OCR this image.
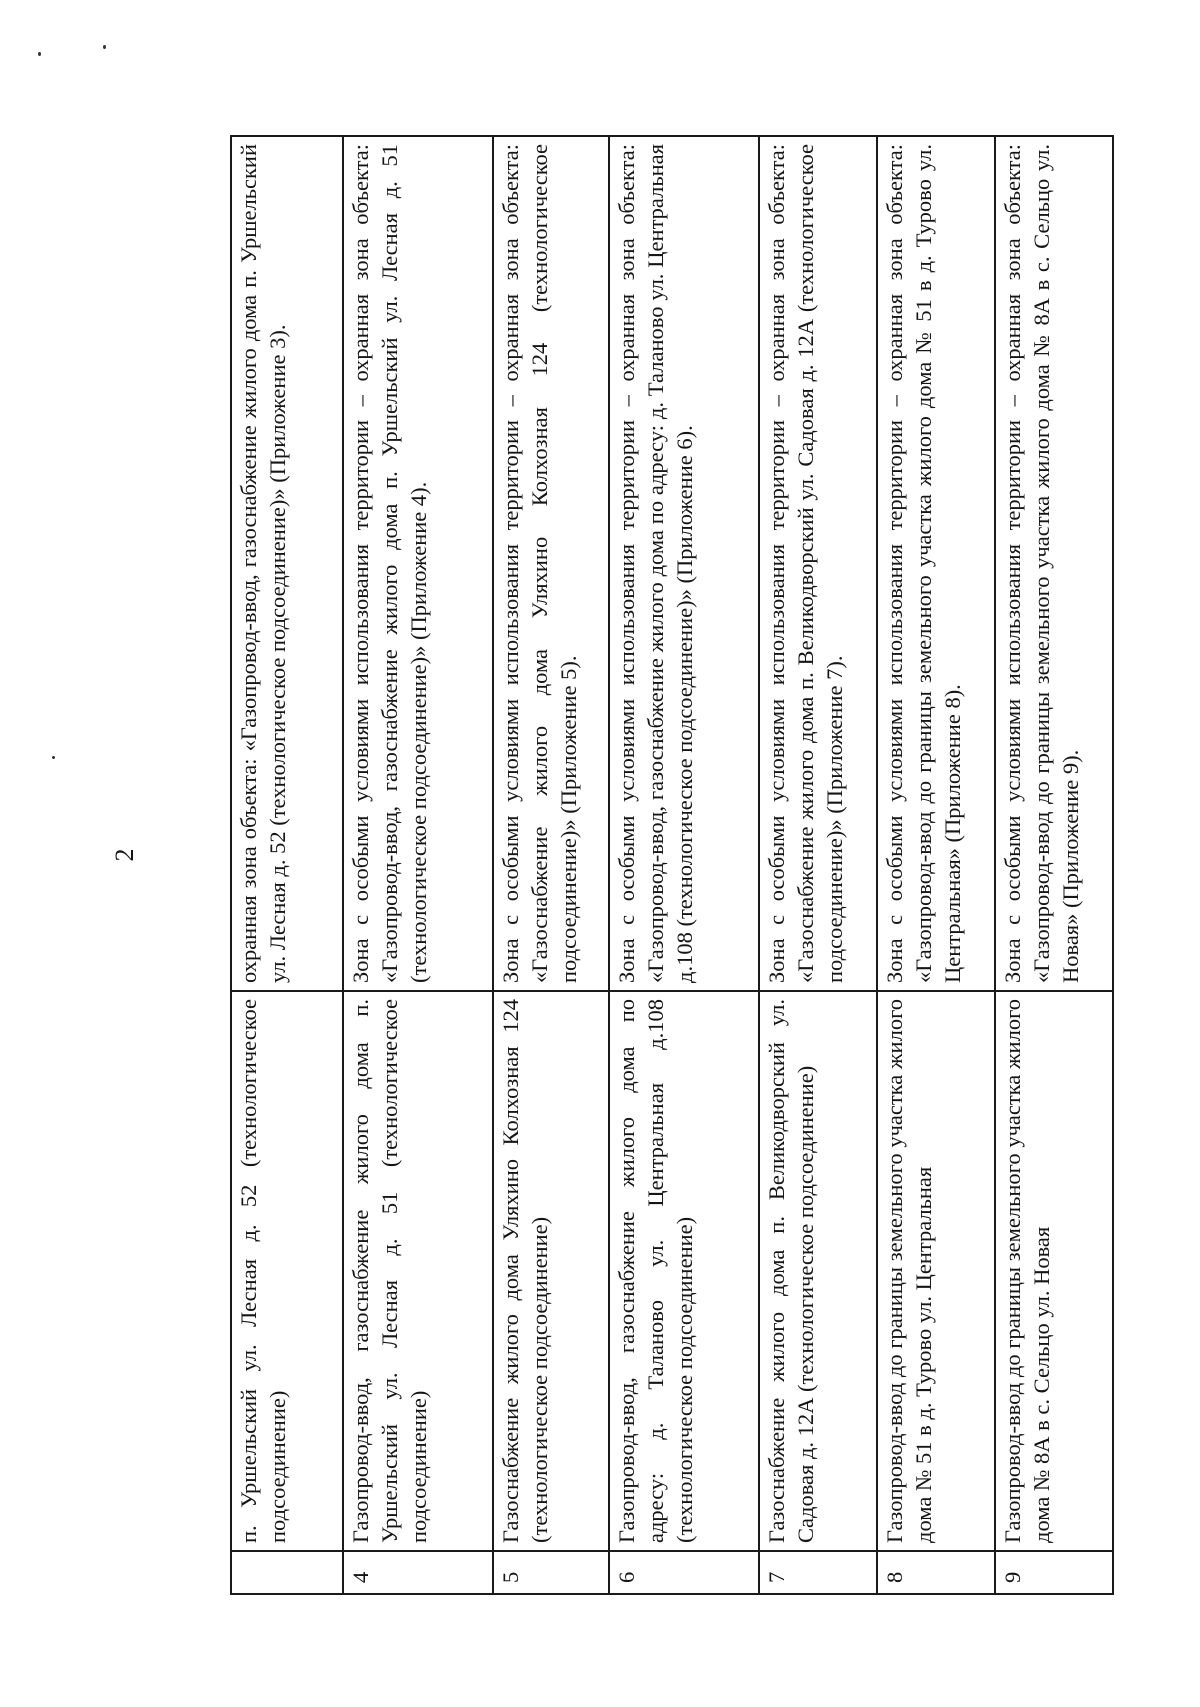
2
	п. Уршельский ул. Лесная д. 52 (технологическое подсоединение)	охранная зона объекта: «Газопровод-ввод, газоснабжение жилого дома п. Уршельский ул. Лесная д. 52 (технологическое подсоединение)» (Приложение 3).
4	Газопровод-ввод, газоснабжение жилого дома п. Уршельский ул. Лесная д. 51 (технологическое подсоединение)	Зона с особыми условиями использования территории – охранная зона объекта: «Газопровод-ввод, газоснабжение жилого дома п. Уршельский ул. Лесная д. 51 (технологическое подсоединение)» (Приложение 4).
5	Газоснабжение жилого дома Уляхино Колхозная 124 (технологическое подсоединение)	Зона с особыми условиями использования территории – охранная зона объекта: «Газоснабжение жилого дома Уляхино Колхозная 124 (технологическое подсоединение)» (Приложение 5).
6	Газопровод-ввод, газоснабжение жилого дома по адресу: д. Таланово ул. Центральная д.108 (технологическое подсоединение)	Зона с особыми условиями использования территории – охранная зона объекта: «Газопровод-ввод, газоснабжение жилого дома по адресу: д. Таланово ул. Центральная д.108 (технологическое подсоединение)» (Приложение 6).
7	Газоснабжение жилого дома п. Великодворский ул. Садовая д. 12А (технологическое подсоединение)	Зона с особыми условиями использования территории – охранная зона объекта: «Газоснабжение жилого дома п. Великодворский ул. Садовая д. 12А (технологическое подсоединение)» (Приложение 7).
8	Газопровод-ввод до границы земельного участка жилого дома № 51 в д. Турово ул. Центральная	Зона с особыми условиями использования территории – охранная зона объекта: «Газопровод-ввод до границы земельного участка жилого дома № 51 в д. Турово ул. Центральная» (Приложение 8).
9	Газопровод-ввод до границы земельного участка жилого дома № 8А в с. Сельцо ул. Новая	Зона с особыми условиями использования территории – охранная зона объекта: «Газопровод-ввод до границы земельного участка жилого дома № 8А в с. Сельцо ул. Новая» (Приложение 9).
